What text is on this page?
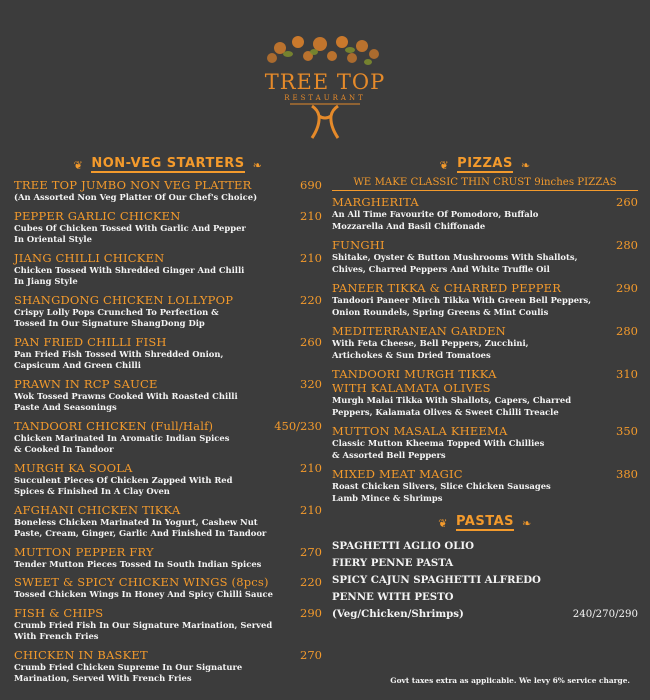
TREE TOP
RESTAURANT
❦ NON-VEG STARTERS ❧
TREE TOP JUMBO NON VEG PLATTER	690
(An Assorted Non Veg Platter Of Our Chef's Choice)
PEPPER GARLIC CHICKEN	210
Cubes Of Chicken Tossed With Garlic And Pepper
In Oriental Style
JIANG CHILLI CHICKEN	210
Chicken Tossed With Shredded Ginger And Chilli
In Jiang Style
SHANGDONG CHICKEN LOLLYPOP	220
Crispy Lolly Pops Crunched To Perfection &
Tossed In Our Signature ShangDong Dip
PAN FRIED CHILLI FISH	260
Pan Fried Fish Tossed With Shredded Onion,
Capsicum And Green Chilli
PRAWN IN RCP SAUCE	320
Wok Tossed Prawns Cooked With Roasted Chilli
Paste And Seasonings
TANDOORI CHICKEN (Full/Half)	450/230
Chicken Marinated In Aromatic Indian Spices
& Cooked In Tandoor
MURGH KA SOOLA	210
Succulent Pieces Of Chicken Zapped With Red
Spices & Finished In A Clay Oven
AFGHANI CHICKEN TIKKA	210
Boneless Chicken Marinated In Yogurt, Cashew Nut
Paste, Cream, Ginger, Garlic And Finished In Tandoor
MUTTON PEPPER FRY	270
Tender Mutton Pieces Tossed In South Indian Spices
SWEET & SPICY CHICKEN WINGS (8pcs)	220
Tossed Chicken Wings In Honey And Spicy Chilli Sauce
FISH & CHIPS	290
Crumb Fried Fish In Our Signature Marination, Served
With French Fries
CHICKEN IN BASKET	270
Crumb Fried Chicken Supreme In Our Signature
Marination, Served With French Fries
❦ PIZZAS ❧
WE MAKE CLASSIC THIN CRUST 9inches PIZZAS
MARGHERITA	260
An All Time Favourite Of Pomodoro, Buffalo
Mozzarella And Basil Chiffonade
FUNGHI	280
Shitake, Oyster & Button Mushrooms With Shallots,
Chives, Charred Peppers And White Truffle Oil
PANEER TIKKA & CHARRED PEPPER	290
Tandoori Paneer Mirch Tikka With Green Bell Peppers,
Onion Roundels, Spring Greens & Mint Coulis
MEDITERRANEAN GARDEN	280
With Feta Cheese, Bell Peppers, Zucchini,
Artichokes & Sun Dried Tomatoes
TANDOORI MURGH TIKKA	310
WITH KALAMATA OLIVES
Murgh Malai Tikka With Shallots, Capers, Charred
Peppers, Kalamata Olives & Sweet Chilli Treacle
MUTTON MASALA KHEEMA	350
Classic Mutton Kheema Topped With Chillies
& Assorted Bell Peppers
MIXED MEAT MAGIC	380
Roast Chicken Slivers, Slice Chicken Sausages
Lamb Mince & Shrimps
❦ PASTAS ❧
SPAGHETTI AGLIO OLIO
FIERY PENNE PASTA
SPICY CAJUN SPAGHETTI ALFREDO
PENNE WITH PESTO
(Veg/Chicken/Shrimps)	240/270/290
Govt taxes extra as applicable. We levy 6% service charge.
